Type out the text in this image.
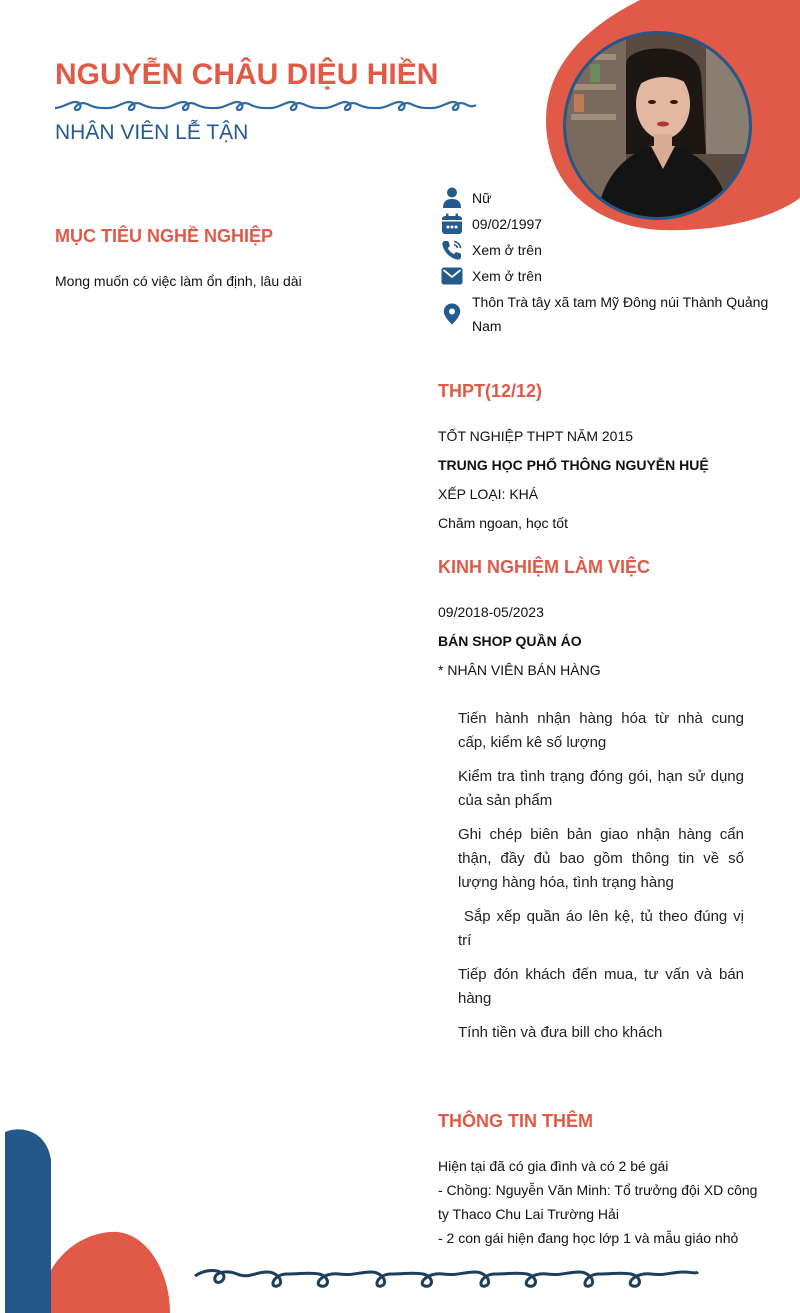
NGUYỄN CHÂU DIỆU HIỀN
NHÂN VIÊN LỄ TẬN
Nữ
09/02/1997
Xem ở trên
Xem ở trên
Thôn Trà tây xã tam Mỹ Đông núi Thành Quảng Nam
MỤC TIÊU NGHỀ NGHIỆP
Mong muốn có việc làm ổn định, lâu dài
THPT(12/12)
TỐT NGHIỆP THPT NĂM 2015
TRUNG HỌC PHỔ THÔNG NGUYỄN HUỆ
XẾP LOẠI: KHÁ
Chăm ngoan, học tốt
KINH NGHIỆM LÀM VIỆC
09/2018-05/2023
BÁN SHOP QUẦN ÁO
* NHÂN VIÊN BÁN HÀNG

Tiến hành nhận hàng hóa từ nhà cung cấp, kiểm kê số lượng

Kiểm tra tình trạng đóng gói, hạn sử dụng của sản phẩm

Ghi chép biên bản giao nhận hàng cẩn thận, đầy đủ bao gồm thông tin về số lượng hàng hóa, tình trạng hàng

Sắp xếp quần áo lên kệ, tủ theo đúng vị trí

Tiếp đón khách đến mua, tư vấn và bán hàng

Tính tiền và đưa bill cho khách

THÔNG TIN THÊM
Hiện tại đã có gia đình và có 2 bé gái
- Chồng: Nguyễn Văn Minh: Tổ trưởng đội XD công ty Thaco Chu Lai Trường Hải
- 2 con gái hiện đang học lớp 1 và mẫu giáo nhỏ
